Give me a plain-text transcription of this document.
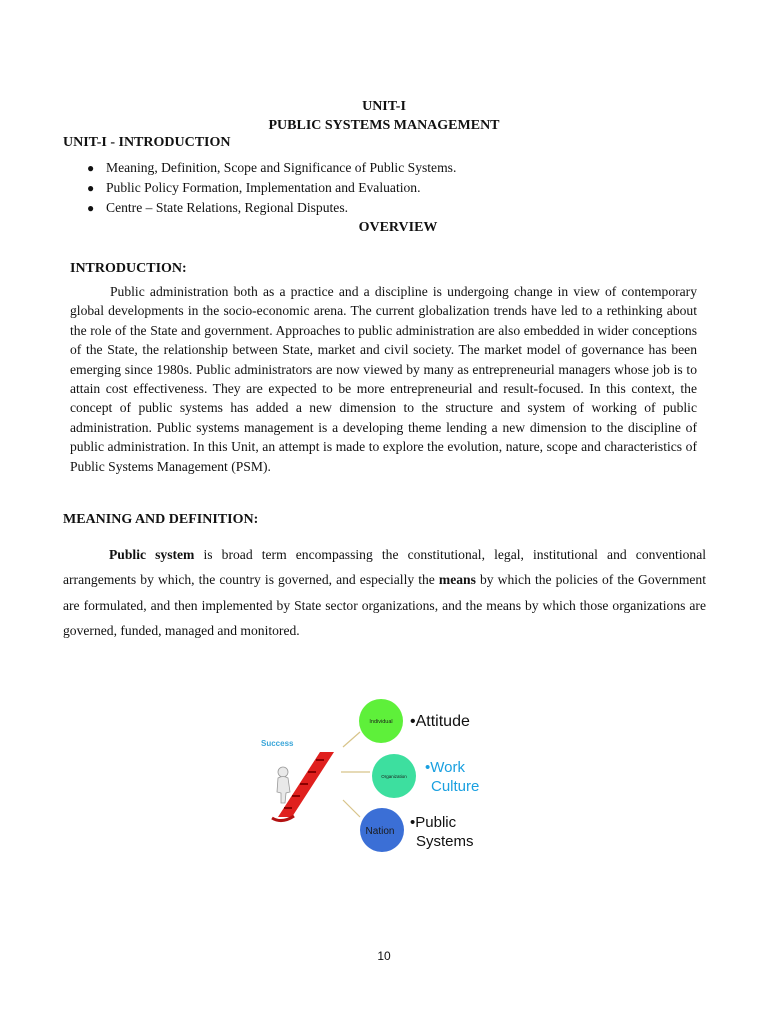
UNIT-I
PUBLIC SYSTEMS MANAGEMENT
UNIT-I - INTRODUCTION
● Meaning, Definition, Scope and Significance of Public Systems.
● Public Policy Formation, Implementation and Evaluation.
● Centre – State Relations, Regional Disputes.
OVERVIEW
INTRODUCTION:
Public administration both as a practice and a discipline is undergoing change in view of contemporary global developments in the socio-economic arena. The current globalization trends have led to a rethinking about the role of the State and government. Approaches to public administration are also embedded in wider conceptions of the State, the relationship between State, market and civil society. The market model of governance has been emerging since 1980s. Public administrators are now viewed by many as entrepreneurial managers whose job is to attain cost effectiveness. They are expected to be more entrepreneurial and result-focused. In this context, the concept of public systems has added a new dimension to the structure and system of working of public administration. Public systems management is a developing theme lending a new dimension to the discipline of public administration. In this Unit, an attempt is made to explore the evolution, nature, scope and characteristics of Public Systems Management (PSM).
MEANING AND DEFINITION:
Public system is broad term encompassing the constitutional, legal, institutional and conventional arrangements by which, the country is governed, and especially the means by which the policies of the Government are formulated, and then implemented by State sector organizations, and the means by which those organizations are governed, funded, managed and monitored.
Success
Individual
Organization
Nation
•Attitude
•Work
Culture
•Public
Systems
10
